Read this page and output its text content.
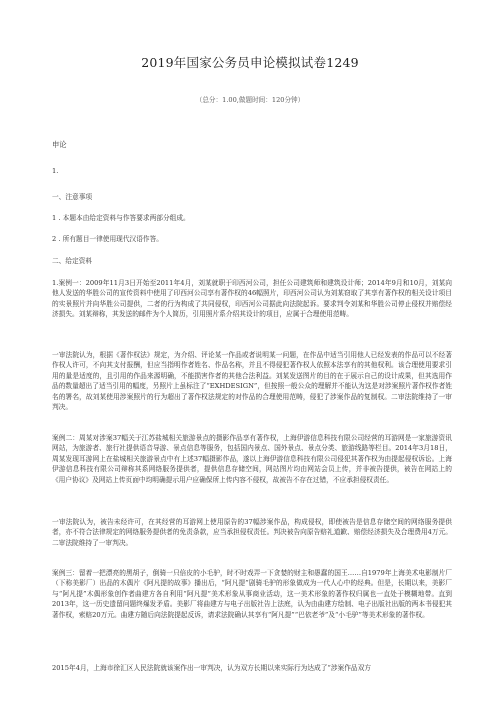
2019年国家公务员申论模拟试卷1249
（总分：1.00,做题时间：120分钟）

申论

1.

一、注意事项

1 . 本题本由给定资料与作答要求两部分组成。

2 . 所有题目一律使用现代汉语作答。

二、给定资料

1.案例一：2009年11月3日开始至2011年4月，刘某就职于印西河公司，担任公司建筑师和建筑设计师；2014年9月和10月，刘某向他人发送的华胜公司的宣传资料中使用了印西河公司享有著作权的46幅照片，印西河公司认为刘某窃取了其享有著作权的相关设计项目的实景照片并向华胜公司提供，二者的行为构成了共同侵权，印西河公司据此向法院起诉。要求判令刘某和华胜公司停止侵权并赔偿经济损失。刘某辩称，其发送的邮件为个人简历，引用照片系介绍其设计的项目，应属于合理使用范畴。

一审法院认为，根据《著作权法》规定，为介绍、评论某一作品或者说明某一问题，在作品中适当引用他人已经发表的作品可以不经著作权人许可，不向其支付报酬，但应当指明作者姓名、作品名称，并且不得侵犯著作权人依照本法享有的其他权利。该合理使用要求引用的量是适度的，且引用的作品来源明确，不能损害作者的其他合法利益。刘某发送图片的目的在于展示自己的设计成果，但其选用作品的数量超出了适当引用的幅度，另照片上虽标注了“EXHDESIGN”，但按照一般公众的理解并不能认为这是对涉案照片著作权作者姓名的署名，故刘某使用涉案照片的行为超出了著作权法规定的对作品的合理使用范畴，侵犯了涉案作品的复制权。二审法院维持了一审判决。

案例二：周某对涉案37幅关于江苏盐城相关旅游景点的摄影作品享有著作权，上海伊游信息科技有限公司经营的耳游网是一家旅游资讯网站，为旅游者、旅行社提供语音导游、景点信息等服务，包括国内景点、国外景点、景点分类、旅游线路等栏目。2014年3月18日，周某发现耳游网上在盐城相关旅游景点中有上述37幅摄影作品，遂以上海伊游信息科技有限公司侵犯其著作权为由提起侵权诉讼。上海伊游信息科技有限公司辩称其系网络服务提供者，提供信息存储空间，网站图片均由网站会员上传，并非被告提供，被告在网站上的《用户协议》及网站上传页面中均明确提示用户应确保所上传内容不侵权，故被告不存在过错，不应承担侵权责任。

一审法院认为，被告未经许可，在其经营的耳游网上使用原告的37幅涉案作品，构成侵权，即使被告是信息存储空间的网络服务提供者，亦不符合法律规定的网络服务提供者的免责条款，应当承担侵权责任。判决被告向原告赔礼道歉、赔偿经济损失及合理费用4万元。二审法院维持了一审判决。

案例三：留着一把漂亮的黑胡子，倒骑一只倍皮的小毛驴，时不时戏弄一下贪婪的财主和愚蠢的国王……自1979年上海美术电影制片厂（下称美影厂）出品的木偶片《阿凡提的故事》播出后，“阿凡提”剧骑毛驴的形象做成为一代人心中的经典。但是，长期以来，美影厂与“阿凡提”木偶形象创作者曲建方各自利用“阿凡提”美术形象从事商业活动，这一美术形象的著作权归属也一直处于模糊地带。直到2013年，这一历史遗留问题终爆发矛盾。美影厂将曲建方与电子出版社告上法庭，认为由曲建方绘制、电子出版社出版的两本书侵犯其著作权，索赔20万元。曲建方随后向法院提起反诉，请求法院确认其享有“阿凡提”“巴依老爷”及“小毛驴”等美术形象的著作权。

2015年4月，上海市徐汇区人民法院就该案作出一审判决，认为双方长期以来实际行为达成了“涉案作品双方
